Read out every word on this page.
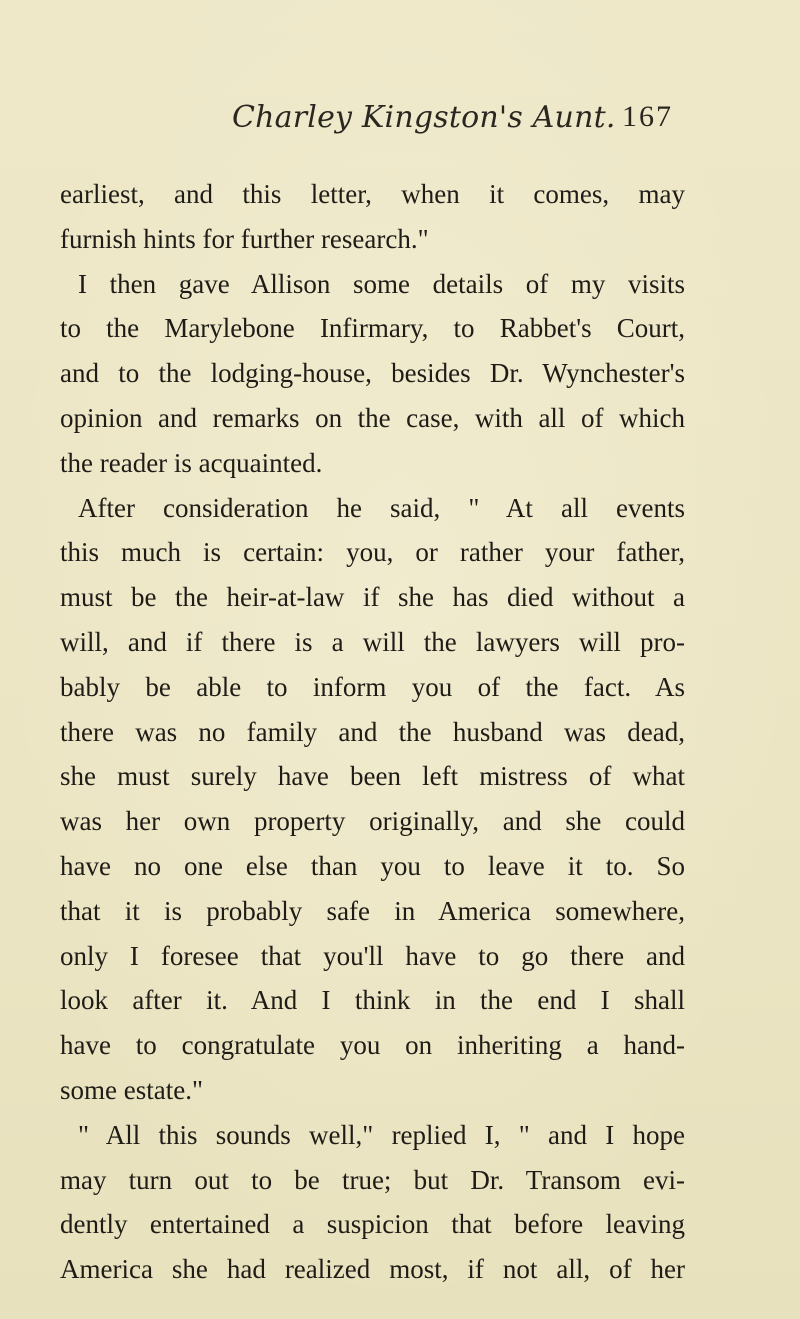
Charley Kingston's Aunt. 167
earliest, and this letter, when it comes, may
furnish hints for further research."
I then gave Allison some details of my visits
to the Marylebone Infirmary, to Rabbet's Court,
and to the lodging-house, besides Dr. Wynchester's
opinion and remarks on the case, with all of which
the reader is acquainted.
After consideration he said, " At all events
this much is certain: you, or rather your father,
must be the heir-at-law if she has died without a
will, and if there is a will the lawyers will pro-
bably be able to inform you of the fact. As
there was no family and the husband was dead,
she must surely have been left mistress of what
was her own property originally, and she could
have no one else than you to leave it to. So
that it is probably safe in America somewhere,
only I foresee that you'll have to go there and
look after it. And I think in the end I shall
have to congratulate you on inheriting a hand-
some estate."
" All this sounds well," replied I, " and I hope
may turn out to be true; but Dr. Transom evi-
dently entertained a suspicion that before leaving
America she had realized most, if not all, of her
